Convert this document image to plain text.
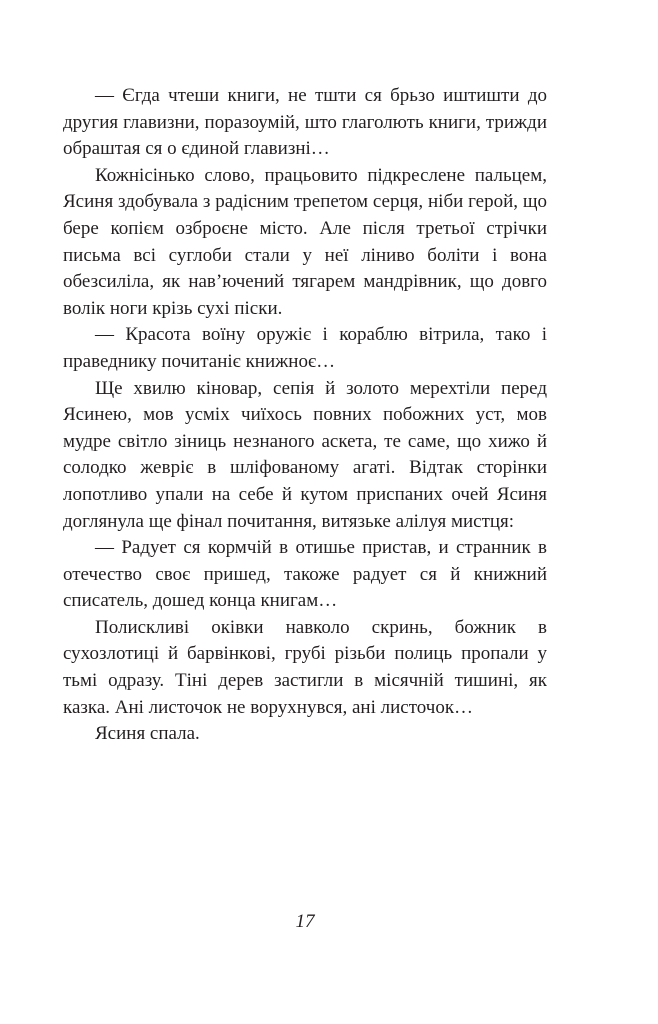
— Єгда чтеши книги, не тшти ся брьзо иштишти до другия главизни, поразоумій, што глаголють книги, трижди обраштая ся о єдиной главизні…

Кожнісінько слово, працьовито підкреслене пальцем, Ясиня здобувала з радісним трепетом серця, ніби герой, що бере копієм озброєне місто. Але після третьої стрічки письма всі суглоби стали у неї ліниво боліти і вона обезсиліла, як нав’ючений тягарем мандрівник, що довго волік ноги крізь сухі піски.

— Красота воїну оружіє і кораблю вітрила, тако і праведнику почитаніє книжноє…

Ще хвилю кіновар, сепія й золото мерехтіли перед Ясинею, мов усміх чиїхось повних побожних уст, мов мудре світло зіниць незнаного аскета, те саме, що хижо й солодко жевріє в шліфованому агаті. Відтак сторінки лопотливо упали на себе й кутом приспаних очей Ясиня доглянула ще фінал почитання, витязьке алілуя мистця:

— Радует ся кормчій в отишье пристав, и странник в отечество своє пришед, такоже радует ся й книжний списатель, дошед конца книгам…

Полискливі оківки навколо скринь, божник в сухозлотиці й барвінкові, грубі різьби полиць пропали у тьмі одразу. Тіні дерев застигли в місячній тишині, як казка. Ані листочок не ворухнувся, ані листочок…

Ясиня спала.

17
